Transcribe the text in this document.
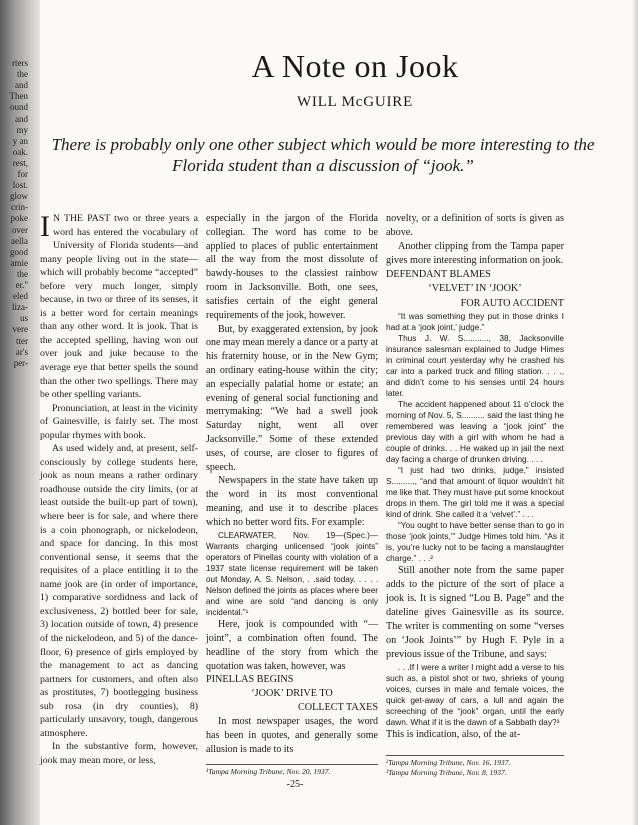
rters
the
and
Then
ound
and
my
y an
oak.
rest,
for
lost.
glow
crin-
poke
over
aella
good
amie
the
er."
eled
liza-
us
vere
tter
ar's
per-
A Note on Jook
WILL McGUIRE
There is probably only one other subject which would be more interesting to the Florida student than a discussion of “jook.”

I N THE PAST two or three years a word has entered the vocabulary of University of Florida students—and many people living out in the state—which will probably become “accepted” before very much longer, simply because, in two or three of its senses, it is a better word for certain meanings than any other word. It is jook. That is the accepted spelling, having won out over jouk and juke because to the average eye that better spells the sound than the other two spellings. There may be other spelling variants.

Pronunciation, at least in the vicinity of Gainesville, is fairly set. The most popular rhymes with book.

As used widely and, at present, self-consciously by college students here, jook as noun means a rather ordinary roadhouse outside the city limits, (or at least outside the built-up part of town), where beer is for sale, and where there is a coin phonograph, or nickelodeon, and space for dancing. In this most conventional sense, it seems that the requisites of a place entitling it to the name jook are (in order of importance, 1) comparative sordidness and lack of exclusiveness, 2) bottled beer for sale, 3) location outside of town, 4) presence of the nickelodeon, and 5) of the dance-floor, 6) presence of girls employed by the management to act as dancing partners for customers, and often also as prostitutes, 7) bootlegging business sub rosa (in dry counties), 8) particularly unsavory, tough, dangerous atmosphere.

In the substantive form, however, jook may mean more, or less,

especially in the jargon of the Florida collegian. The word has come to be applied to places of public entertainment all the way from the most dissolute of bawdy-houses to the classiest rainbow room in Jacksonville. Both, one sees, satisfies certain of the eight general requirements of the jook, however.

But, by exaggerated extension, by jook one may mean merely a dance or a party at his fraternity house, or in the New Gym; an ordinary eating-house within the city; an especially palatial home or estate; an evening of general social functioning and merrymaking: “We had a swell jook Saturday night, went all over Jacksonville.” Some of these extended uses, of course, are closer to figures of speech.

Newspapers in the state have taken up the word in its most conventional meaning, and use it to describe places which no better word fits. For example:

CLEARWATER, Nov. 19—(Spec.)— Warrants charging unlicensed “jook joints” operators of Pinellas county with violation of a 1937 state license requirement will be taken out Monday, A. S. Nelson, . .said today. . . . . Nelson defined the joints as places where beer and wine are sold “and dancing is only incidental.”¹

Here, jook is compounded with “—joint”, a combination often found. The headline of the story from which the quotation was taken, however, was

PINELLAS BEGINS

‘JOOK’ DRIVE TO

COLLECT TAXES

In most newspaper usages, the word has been in quotes, and generally some allusion is made to its

¹Tampa Morning Tribune, Nov. 20, 1937.

novelty, or a definition of sorts is given as above.

Another clipping from the Tampa paper gives more interesting information on jook.

DEFENDANT BLAMES

‘VELVET’ IN ‘JOOK’

FOR AUTO ACCIDENT

“It was something they put in those drinks I had at a ‘jook joint,’ judge.”

Thus J. W. S..........., 38, Jacksonville insurance salesman explained to Judge Himes in criminal court yesterday why he crashed his car into a parked truck and filling station. . . ., and didn’t come to his senses until 24 hours later.

The accident happened about 11 o’clock the morning of Nov. 5, S.......... said the last thing he remembered was leaving a “jook joint” the previous day with a girl with whom he had a couple of drinks. . . He waked up in jail the next day facing a charge of drunken driving. . . .

“I just had two drinks, judge,” insisted S.........., “and that amount of liquor wouldn’t hit me like that. They must have put some knockout drops in them. The girl told me it was a special kind of drink. She called it a ‘velvet’.” . . .

“You ought to have better sense than to go in those ‘jook joints,’” Judge Himes told him. “As it is, you’re lucky not to be facing a manslaughter charge.” . . .²

Still another note from the same paper adds to the picture of the sort of place a jook is. It is signed “Lou B. Page” and the dateline gives Gainesville as its source. The writer is commenting on some “verses on ‘Jook Joints’” by Hugh F. Pyle in a previous issue of the Tribune, and says:

. . .If I were a writer I might add a verse to his such as, a pistol shot or two, shrieks of young voices, curses in male and female voices, the quick get-away of cars, a lull and again the screeching of the “jook” organ, until the early dawn. What if it is the dawn of a Sabbath day?³

This is indication, also, of the at-

²Tampa Morning Tribune, Nov. 16, 1937.
³Tampa Morning Tribune, Nov. 8, 1937.
-25-
